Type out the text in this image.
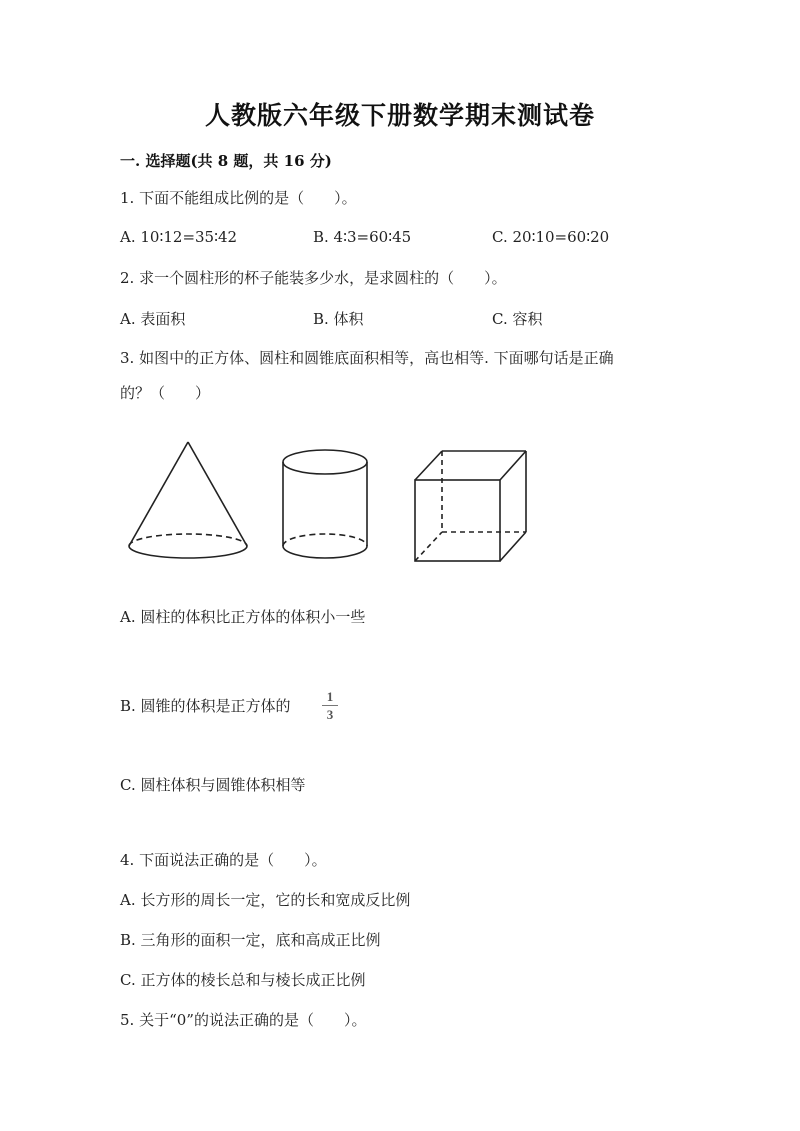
人教版六年级下册数学期末测试卷
一. 选择题(共 8 题，共 16 分)
1. 下面不能组成比例的是（　　）。
A. 10∶12=35∶42	B. 4∶3=60∶45	C. 20∶10=60∶20
2. 求一个圆柱形的杯子能装多少水，是求圆柱的（　　）。
A. 表面积	B. 体积	C. 容积
3. 如图中的正方体、圆柱和圆锥底面积相等，高也相等. 下面哪句话是正确
的？（　　）
A. 圆柱的体积比正方体的体积小一些
B. 圆锥的体积是正方体的
1
3
C. 圆柱体积与圆锥体积相等
4. 下面说法正确的是（　　）。
A. 长方形的周长一定，它的长和宽成反比例
B. 三角形的面积一定，底和高成正比例
C. 正方体的棱长总和与棱长成正比例
5. 关于“0”的说法正确的是（　　）。
